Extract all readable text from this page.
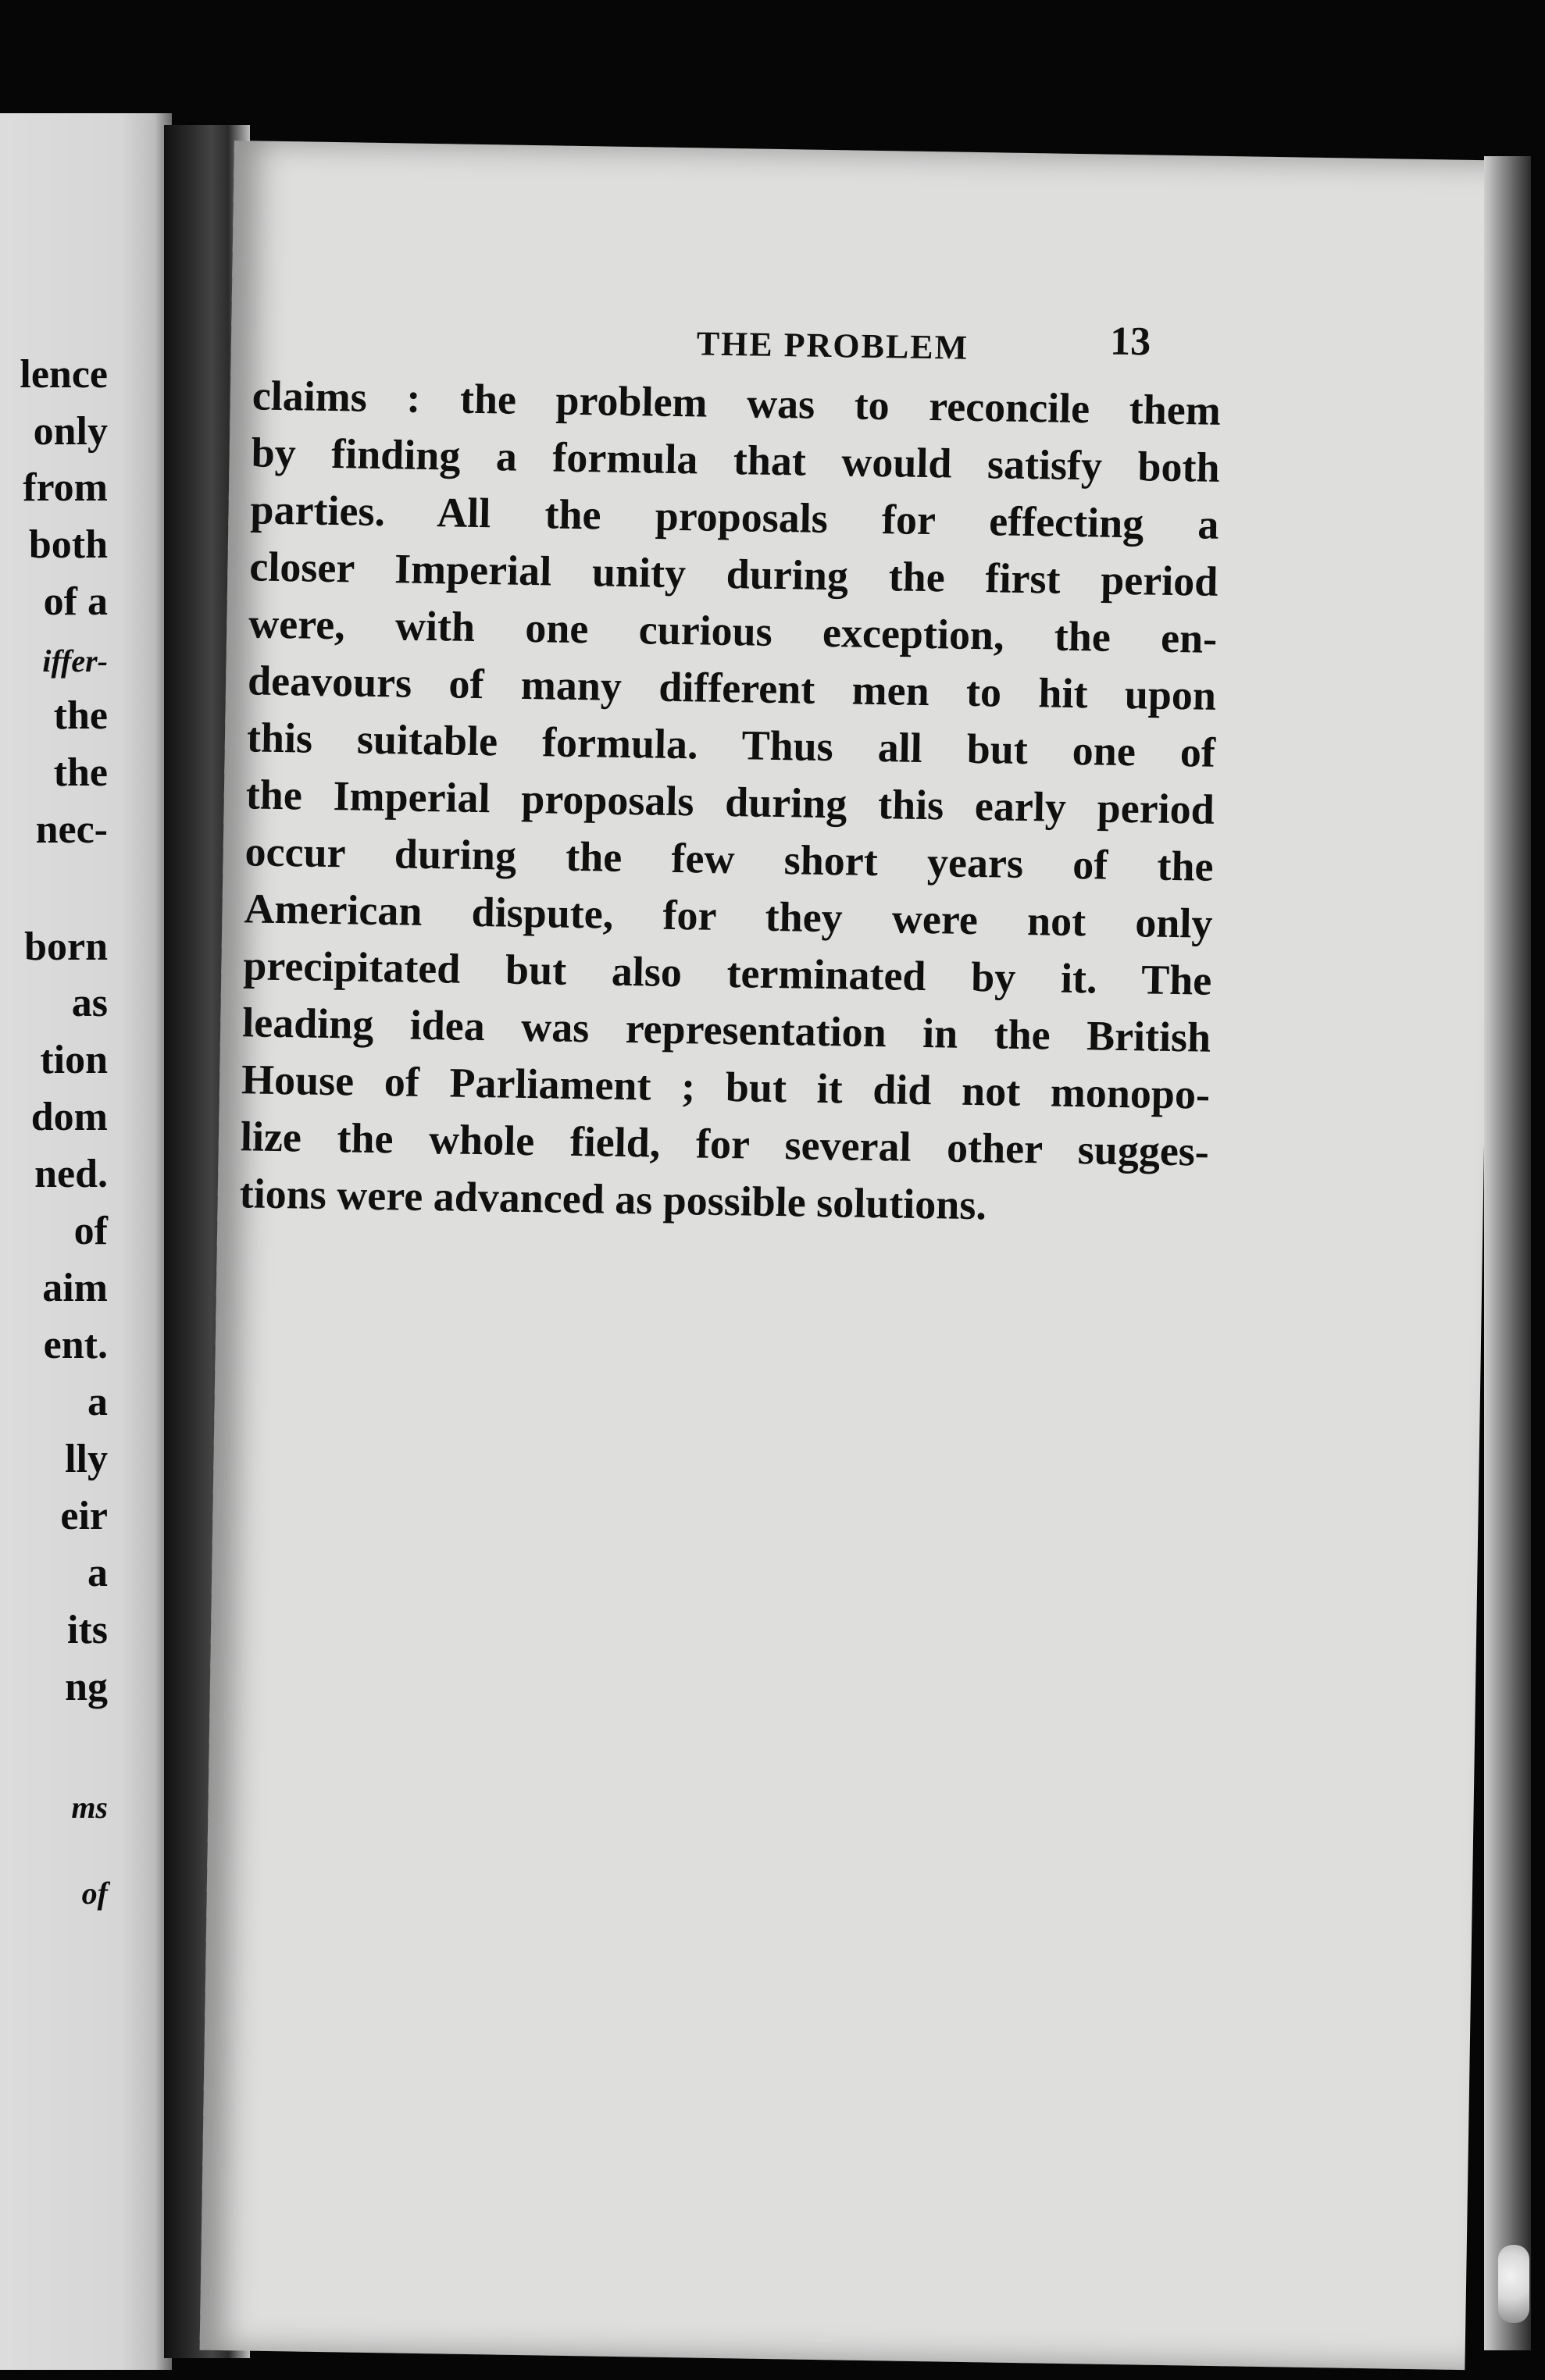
lence
only
from
both
of a
iffer-
the
the
nec-
born
as
tion
dom
ned.
of
aim
ent.
a
lly
eir
a
its
ng
ms
of
THE PROBLEM	13
claims : the problem was to reconcile them
by finding a formula that would satisfy both
parties. All the proposals for effecting a
closer Imperial unity during the first period
were, with one curious exception, the en-
deavours of many different men to hit upon
this suitable formula. Thus all but one of
the Imperial proposals during this early period
occur during the few short years of the
American dispute, for they were not only
precipitated but also terminated by it. The
leading idea was representation in the British
House of Parliament ; but it did not monopo-
lize the whole field, for several other sugges-
tions were advanced as possible solutions.
